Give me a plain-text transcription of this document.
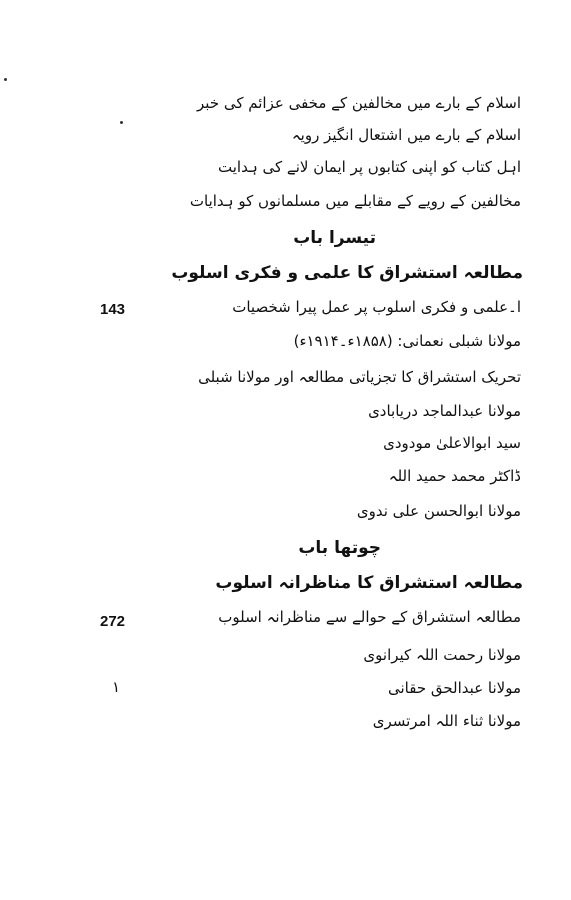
اسلام کے بارے میں مخالفین کے مخفی عزائم کی خبر
اسلام کے بارے میں اشتعال انگیز رویہ
اہل کتاب کو اپنی کتابوں پر ایمان لانے کی ہدایت
مخالفین کے رویے کے مقابلے میں مسلمانوں کو ہدایات
تیسرا باب
مطالعہ استشراق کا علمی و فکری اسلوب
143	ا۔علمی و فکری اسلوب پر عمل پیرا شخصیات
مولانا شبلی نعمانی: (۱۸۵۸ء۔۱۹۱۴ء)
تحریک استشراق کا تجزیاتی مطالعہ اور مولانا شبلی
مولانا عبدالماجد دریابادی
سید ابوالاعلیٰ مودودی
ڈاکٹر محمد حمید اللہ
مولانا ابوالحسن علی ندوی
چوتھا باب
مطالعہ استشراق کا مناظرانہ اسلوب
272	مطالعہ استشراق کے حوالے سے مناظرانہ اسلوب
مولانا رحمت اللہ کیرانوی
مولانا عبدالحق حقانی
مولانا ثناء اللہ امرتسری
١
